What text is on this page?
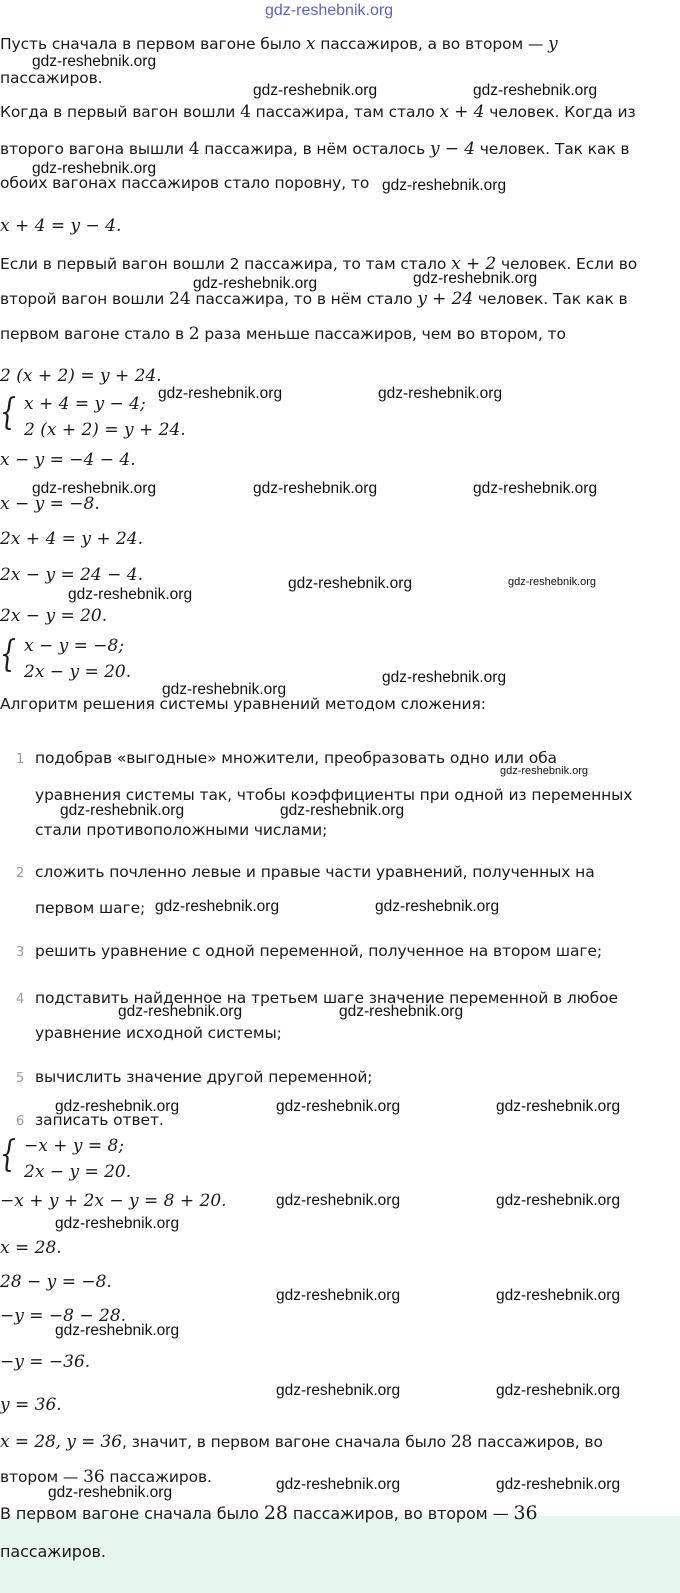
gdz-reshebnik.org
Пусть сначала в первом вагоне было x пассажиров, а во втором — y
пассажиров.
Когда в первый вагон вошли 4 пассажира, там стало x + 4 человек. Когда из
второго вагона вышли 4 пассажира, в нём осталось y − 4 человек. Так как в
обоих вагонах пассажиров стало поровну, то
x + 4 = y − 4.
Если в первый вагон вошли 2 пассажира, то там стало x + 2 человек. Если во
второй вагон вошли 24 пассажира, то в нём стало y + 24 человек. Так как в
первом вагоне стало в 2 раза меньше пассажиров, чем во втором, то
2 (x + 2) = y + 24.
{ x + 4 = y − 4;
2 (x + 2) = y + 24.
x − y = −4 − 4.
x − y = −8.
2x + 4 = y + 24.
2x − y = 24 − 4.
2x − y = 20.
{ x − y = −8;
2x − y = 20.
Алгоритм решения системы уравнений методом сложения:
1 подобрав «выгодные» множители, преобразовать одно или оба
уравнения системы так, чтобы коэффициенты при одной из переменных
стали противоположными числами;
2 сложить почленно левые и правые части уравнений, полученных на
первом шаге;
3 решить уравнение с одной переменной, полученное на втором шаге;
4 подставить найденное на третьем шаге значение переменной в любое
уравнение исходной системы;
5 вычислить значение другой переменной;
6 записать ответ.
{ −x + y = 8;
2x − y = 20.
−x + y + 2x − y = 8 + 20.
x = 28.
28 − y = −8.
−y = −8 − 28.
−y = −36.
y = 36.
x = 28, y = 36, значит, в первом вагоне сначала было 28 пассажиров, во
втором — 36 пассажиров.
В первом вагоне сначала было 28 пассажиров, во втором — 36
пассажиров.
gdz-reshebnik.org
gdz-reshebnik.org	gdz-reshebnik.org
gdz-reshebnik.org
gdz-reshebnik.org
gdz-reshebnik.org
gdz-reshebnik.org
gdz-reshebnik.org	gdz-reshebnik.org
gdz-reshebnik.org	gdz-reshebnik.org	gdz-reshebnik.org
gdz-reshebnik.org	gdz-reshebnik.org
gdz-reshebnik.org
gdz-reshebnik.org
gdz-reshebnik.org
gdz-reshebnik.org
gdz-reshebnik.org	gdz-reshebnik.org
gdz-reshebnik.org	gdz-reshebnik.org
gdz-reshebnik.org	gdz-reshebnik.org
gdz-reshebnik.org	gdz-reshebnik.org	gdz-reshebnik.org
gdz-reshebnik.org	gdz-reshebnik.org
gdz-reshebnik.org
gdz-reshebnik.org	gdz-reshebnik.org
gdz-reshebnik.org
gdz-reshebnik.org	gdz-reshebnik.org
gdz-reshebnik.org	gdz-reshebnik.org
gdz-reshebnik.org
